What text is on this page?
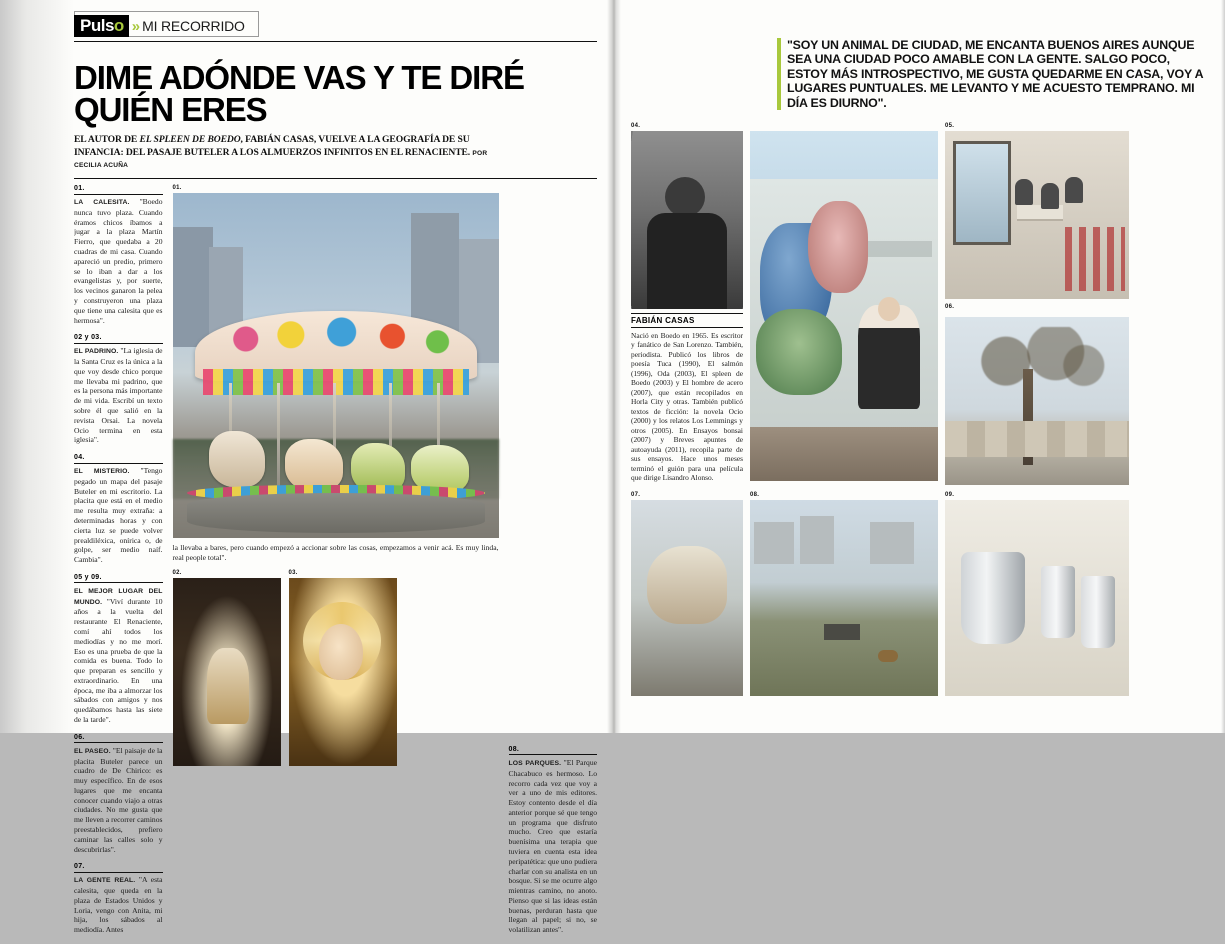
Puls o » MI RECORRIDO
DIME ADÓNDE VAS Y TE DIRÉ QUIÉN ERES
EL AUTOR DE EL SPLEEN DE BOEDO, FABIÁN CASAS, VUELVE A LA GEOGRAFÍA DE SU INFANCIA: DEL PASAJE BUTELER A LOS ALMUERZOS INFINITOS EN EL RENACIENTE. POR CECILIA ACUÑA
01.
LA CALESITA. "Boedo nunca tuvo plaza. Cuando éramos chicos íbamos a jugar a la plaza Martín Fierro, que quedaba a 20 cuadras de mi casa. Cuando apareció un predio, primero se lo iban a dar a los evangelistas y, por suerte, los vecinos ganaron la pelea y construyeron una plaza que tiene una calesita que es hermosa".
02 y 03.
EL PADRINO. "La iglesia de la Santa Cruz es la única a la que voy desde chico porque me llevaba mi padrino, que es la persona más importante de mi vida. Escribí un texto sobre él que salió en la revista Orsai. La novela Ocio termina en esta iglesia".
04.
EL MISTERIO. "Tengo pegado un mapa del pasaje Buteler en mi escritorio. La placita que está en el medio me resulta muy extraña: a determinadas horas y con cierta luz se puede volver prealdiléxica, onírica o, de golpe, ser medio naíf. Cambia".
05 y 09.
EL MEJOR LUGAR DEL MUNDO. "Viví durante 10 años a la vuelta del restaurante El Renaciente, comí ahí todos los mediodías y no me morí. Eso es una prueba de que la comida es buena. Todo lo que preparan es sencillo y extraordinario. En una época, me iba a almorzar los sábados con amigos y nos quedábamos hasta las siete de la tarde".
06.
EL PASEO. "El paisaje de la placita Buteler parece un cuadro de De Chirico: es muy específico. En de esos lugares que me encanta conocer cuando viajo a otras ciudades. No me gusta que me lleven a recorrer caminos preestablecidos, prefiero caminar las calles solo y descubrirlas".
07.
LA GENTE REAL. "A esta calesita, que queda en la plaza de Estados Unidos y Loria, vengo con Anita, mi hija, los sábados al mediodía. Antes
01.
la llevaba a bares, pero cuando empezó a accionar sobre las cosas, empezamos a venir acá. Es muy linda, real people total".
02.	03.
08.
LOS PARQUES. "El Parque Chacabuco es hermoso. Lo recorro cada vez que voy a ver a uno de mis editores. Estoy contento desde el día anterior porque sé que tengo un programa que disfruto mucho. Creo que estaría buenísima una terapia que tuviera en cuenta esta idea peripatética: que uno pudiera charlar con su analista en un bosque. Si se me ocurre algo mientras camino, no anoto. Pienso que si las ideas están buenas, perduran hasta que llegan al papel; si no, se volatilizan antes".
"SOY UN ANIMAL DE CIUDAD, ME ENCANTA BUENOS AIRES AUNQUE SEA UNA CIUDAD POCO AMABLE CON LA GENTE. SALGO POCO, ESTOY MÁS INTROSPECTIVO, ME GUSTA QUEDARME EN CASA, VOY A LUGARES PUNTUALES. ME LEVANTO Y ME ACUESTO TEMPRANO. MI DÍA ES DIURNO".
04.
FABIÁN CASAS
Nació en Boedo en 1965. Es escritor y fanático de San Lorenzo. También, periodista. Publicó los libros de poesía Tuca (1990), El salmón (1996), Oda (2003), El spleen de Boedo (2003) y El hombre de acero (2007), que están recopilados en Horla City y otras. También publicó textos de ficción: la novela Ocio (2000) y los relatos Los Lemmings y otros (2005). En Ensayos bonsai (2007) y Breves apuntes de autoayuda (2011), recopila parte de sus ensayos. Hace unos meses terminó el guión para una película que dirige Lisandro Alonso.
05.
06.
07.	08.	09.
